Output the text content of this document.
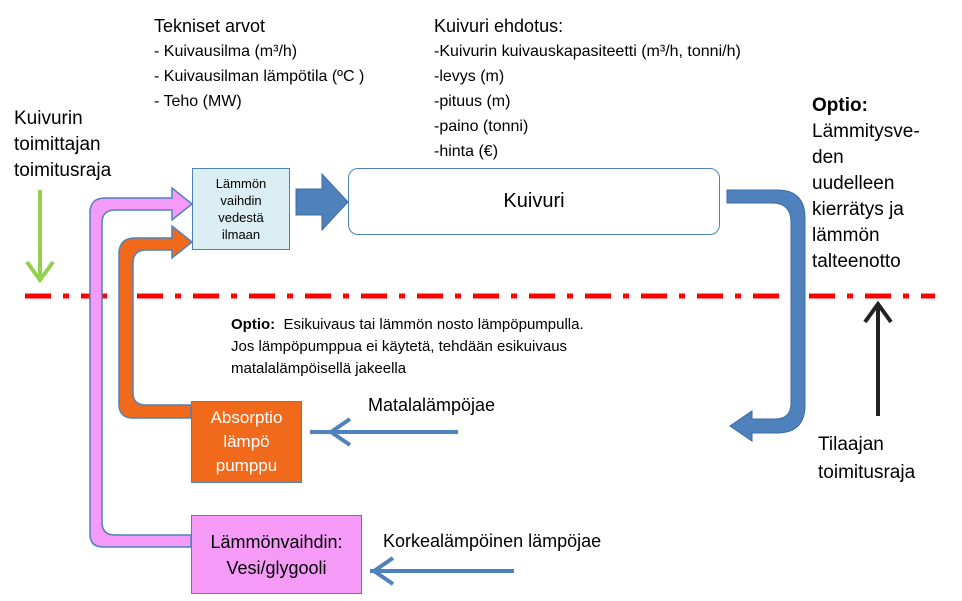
Tekniset arvot
- Kuivausilma (m³/h)
- Kuivausilman lämpötila (ºC )
- Teho (MW)
Kuivuri ehdotus:
-Kuivurin kuivauskapasiteetti (m³/h, tonni/h)
-levys (m)
-pituus (m)
-paino (tonni)
-hinta (€)
Kuivurin
toimittajan
toimitusraja
Optio:
Lämmitysve-
den
uudelleen
kierrätys ja
lämmön
talteenotto
Optio: Esikuivaus tai lämmön nosto lämpöpumpulla.
Jos lämpöpumppua ei käytetä, tehdään esikuivaus
matalalämpöisellä jakeella
Lämmön
vaihdin
vedestä
ilmaan
Kuivuri
Absorptio
lämpö
pumppu
Lämmönvaihdin:
Vesi/glygooli
Matalalämpöjae
Korkealämpöinen lämpöjae
Tilaajan
toimitusraja
